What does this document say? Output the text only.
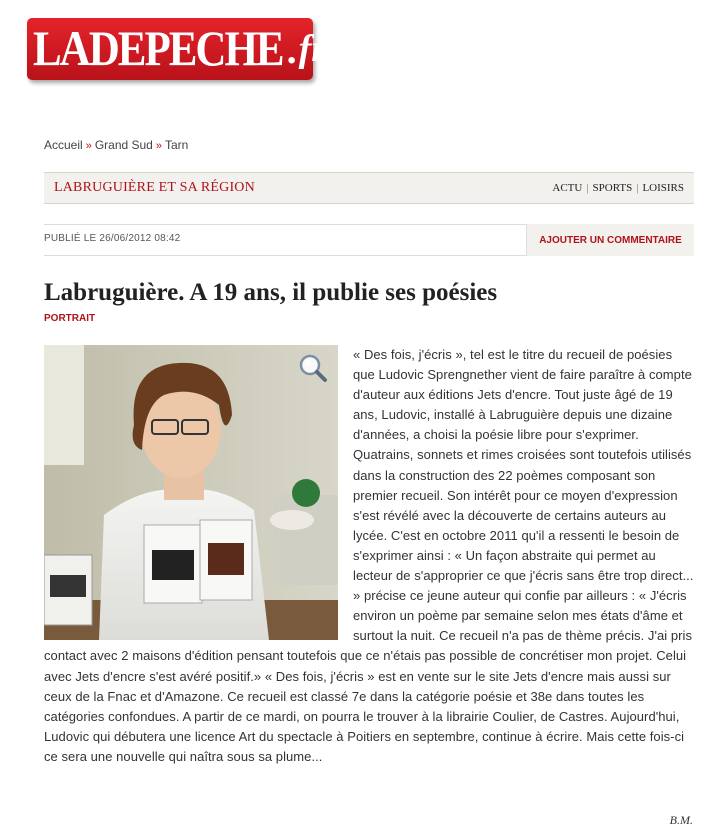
LADEPECHE . fr
Accueil » Grand Sud » Tarn
LABRUGUIÈRE ET SA RÉGION	ACTU | SPORTS | LOISIRS
PUBLIÉ LE 26/06/2012 08:42	AJOUTER UN COMMENTAIRE
Labruguière. A 19 ans, il publie ses poésies
PORTRAIT

« Des fois, j'écris », tel est le titre du recueil de poésies que Ludovic Sprengnether vient de faire paraître à compte d'auteur aux éditions Jets d'encre. Tout juste âgé de 19 ans, Ludovic, installé à Labruguière depuis une dizaine d'années, a choisi la poésie libre pour s'exprimer. Quatrains, sonnets et rimes croisées sont toutefois utilisés dans la construction des 22 poèmes composant son premier recueil. Son intérêt pour ce moyen d'expression s'est révélé avec la découverte de certains auteurs au lycée. C'est en octobre 2011 qu'il a ressenti le besoin de s'exprimer ainsi : « Un façon abstraite qui permet au lecteur de s'approprier ce que j'écris sans être trop direct... » précise ce jeune auteur qui confie par ailleurs : « J'écris environ un poème par semaine selon mes états d'âme et surtout la nuit. Ce recueil n'a pas de thème précis. J'ai pris contact avec 2 maisons d'édition pensant toutefois que ce n'étais pas possible de concrétiser mon projet. Celui avec Jets d'encre s'est avéré positif.» « Des fois, j'écris » est en vente sur le site Jets d'encre mais aussi sur ceux de la Fnac et d'Amazone. Ce recueil est classé 7e dans la catégorie poésie et 38e dans toutes les catégories confondues. A partir de ce mardi, on pourra le trouver à la librairie Coulier, de Castres. Aujourd'hui, Ludovic qui débutera une licence Art du spectacle à Poitiers en septembre, continue à écrire. Mais cette fois-ci ce sera une nouvelle qui naîtra sous sa plume...

B.M.
